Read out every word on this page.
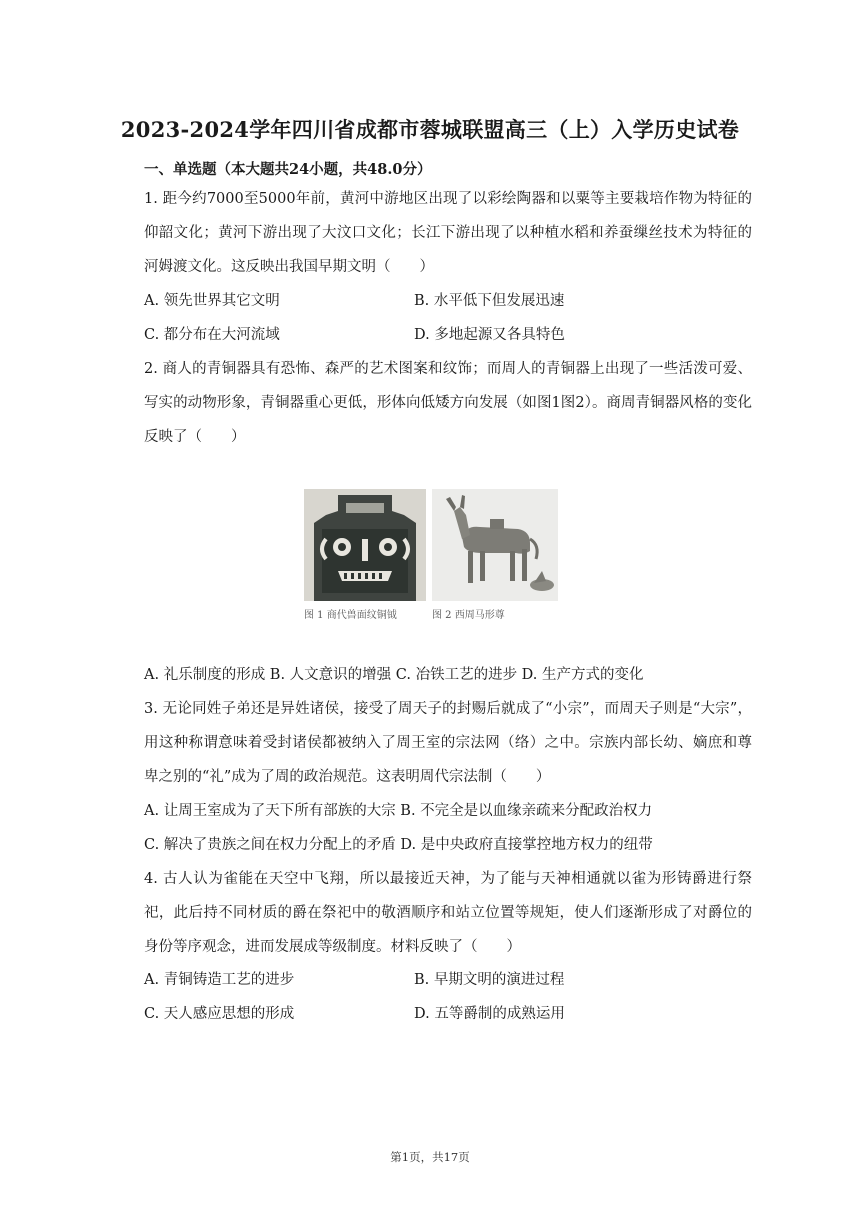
2023-2024学年四川省成都市蓉城联盟高三（上）入学历史试卷
一、单选题（本大题共24小题，共48.0分）
1. 距今约7000至5000年前，黄河中游地区出现了以彩绘陶器和以粟等主要栽培作物为特征的仰韶文化；黄河下游出现了大汶口文化；长江下游出现了以种植水稻和养蚕缫丝技术为特征的河姆渡文化。这反映出我国早期文明（　　）
A. 领先世界其它文明	B. 水平低下但发展迅速
C. 都分布在大河流域	D. 多地起源又各具特色
2. 商人的青铜器具有恐怖、森严的艺术图案和纹饰；而周人的青铜器上出现了一些活泼可爱、写实的动物形象，青铜器重心更低，形体向低矮方向发展（如图1图2）。商周青铜器风格的变化反映了（　　）
图 1 商代兽面纹铜钺	图 2 西周马形尊
A. 礼乐制度的形成 B. 人文意识的增强 C. 冶铁工艺的进步 D. 生产方式的变化
3. 无论同姓子弟还是异姓诸侯，接受了周天子的封赐后就成了“小宗”，而周天子则是“大宗”，用这种称谓意味着受封诸侯都被纳入了周王室的宗法网（络）之中。宗族内部长幼、嫡庶和尊卑之别的“礼”成为了周的政治规范。这表明周代宗法制（　　）
A. 让周王室成为了天下所有部族的大宗 B. 不完全是以血缘亲疏来分配政治权力
C. 解决了贵族之间在权力分配上的矛盾 D. 是中央政府直接掌控地方权力的纽带
4. 古人认为雀能在天空中飞翔，所以最接近天神，为了能与天神相通就以雀为形铸爵进行祭祀，此后持不同材质的爵在祭祀中的敬酒顺序和站立位置等规矩，使人们逐渐形成了对爵位的身份等序观念，进而发展成等级制度。材料反映了（　　）
A. 青铜铸造工艺的进步	B. 早期文明的演进过程
C. 天人感应思想的形成	D. 五等爵制的成熟运用
第1页，共17页
